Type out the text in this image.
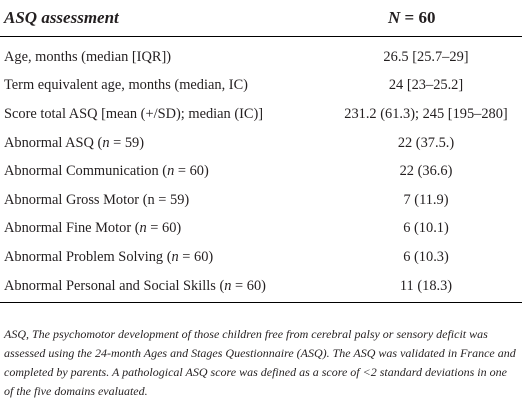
ASQ assessment	N = 60
Age, months (median [IQR])	26.5 [25.7–29]
Term equivalent age, months (median, IC)	24 [23–25.2]
Score total ASQ [mean (+/SD); median (IC)]	231.2 (61.3); 245 [195–280]
Abnormal ASQ (n = 59)	22 (37.5.)
Abnormal Communication (n = 60)	22 (36.6)
Abnormal Gross Motor (n = 59)	7 (11.9)
Abnormal Fine Motor (n = 60)	6 (10.1)
Abnormal Problem Solving (n = 60)	6 (10.3)
Abnormal Personal and Social Skills (n = 60)	11 (18.3)
ASQ, The psychomotor development of those children free from cerebral palsy or sensory deficit was assessed using the 24-month Ages and Stages Questionnaire (ASQ). The ASQ was validated in France and completed by parents. A pathological ASQ score was defined as a score of <2 standard deviations in one of the five domains evaluated.
